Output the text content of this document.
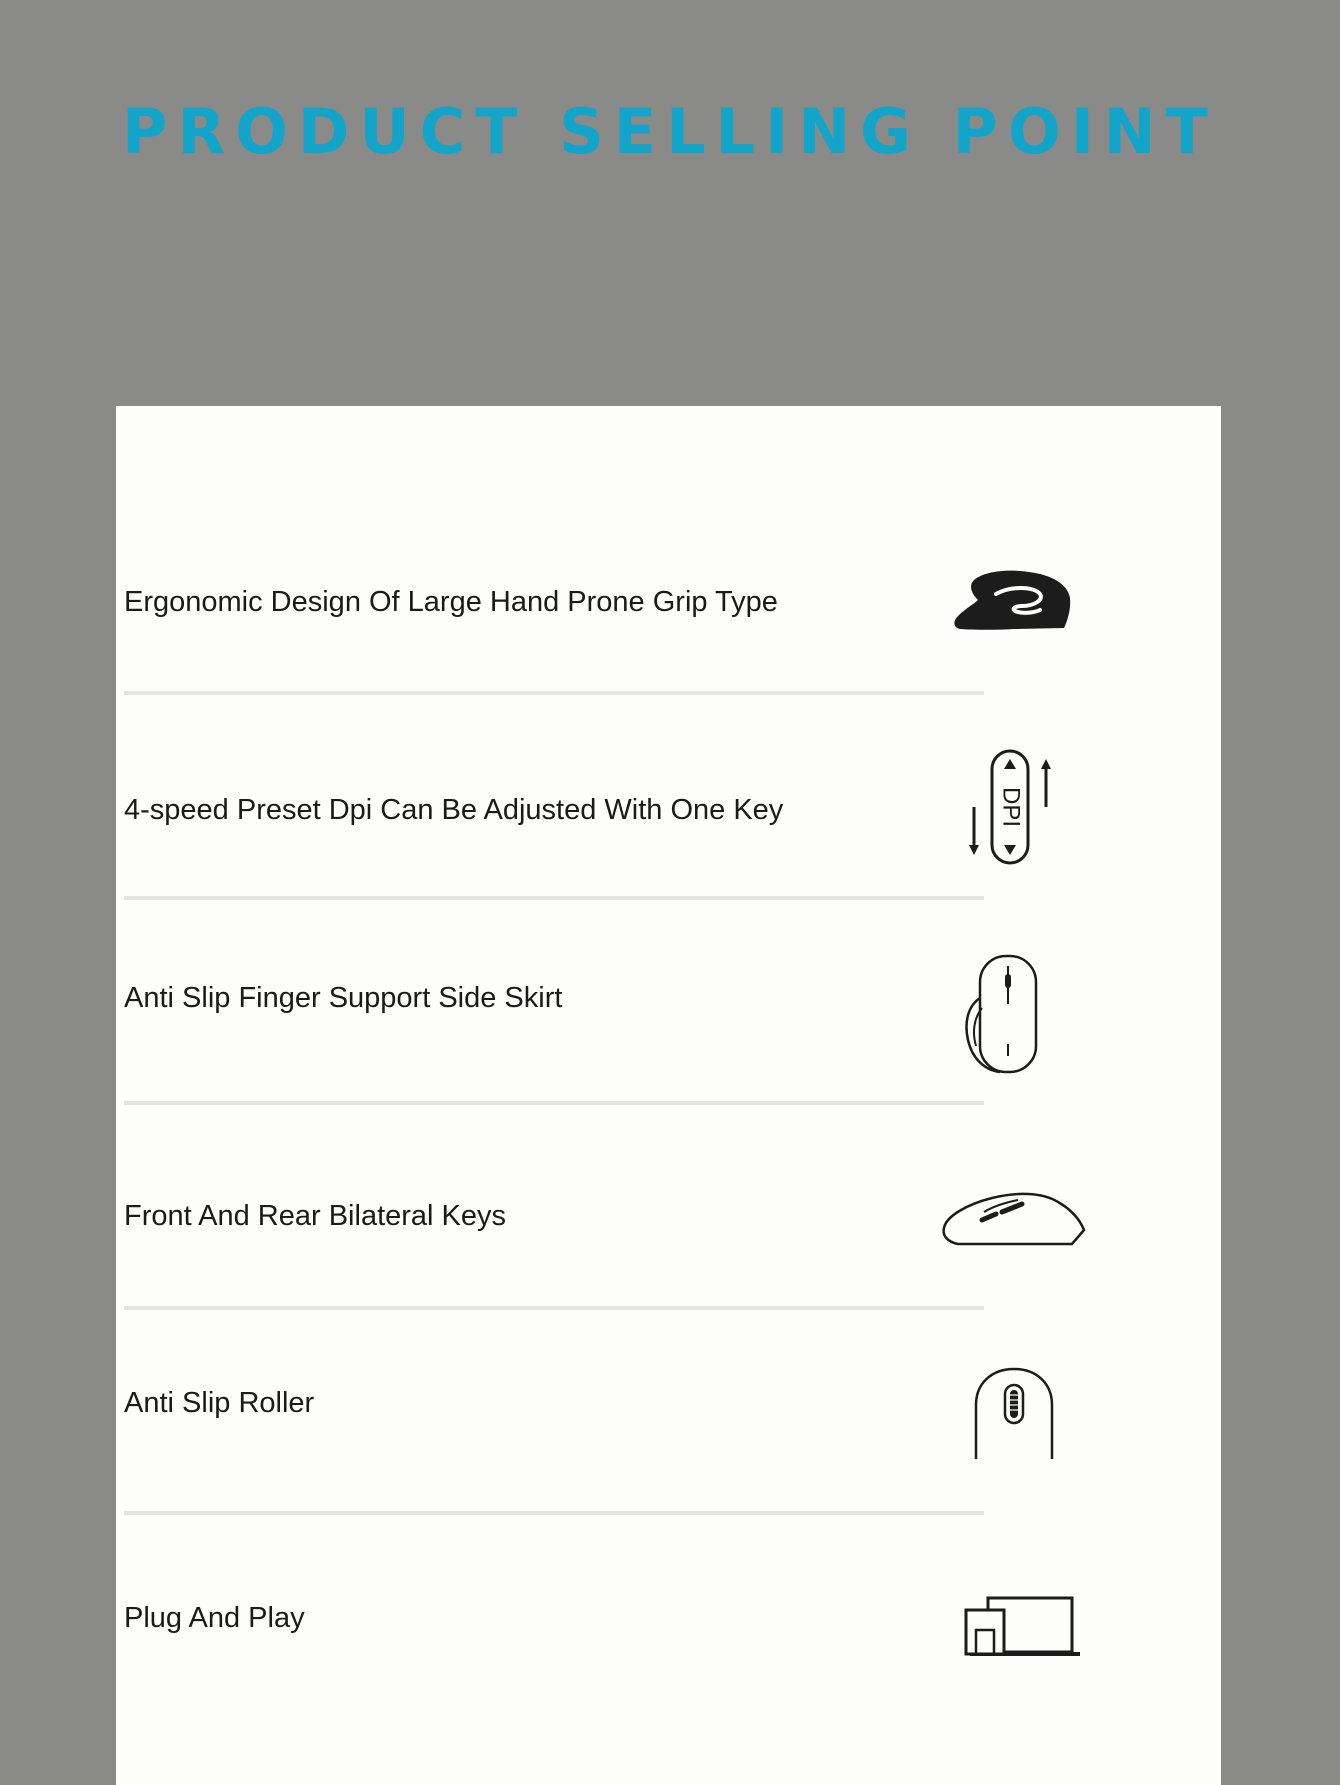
PRODUCT SELLING POINT
Ergonomic Design Of Large Hand Prone Grip Type
4-speed Preset Dpi Can Be Adjusted With One Key	DPI
Anti Slip Finger Support Side Skirt
Front And Rear Bilateral Keys
Anti Slip Roller
Plug And Play
